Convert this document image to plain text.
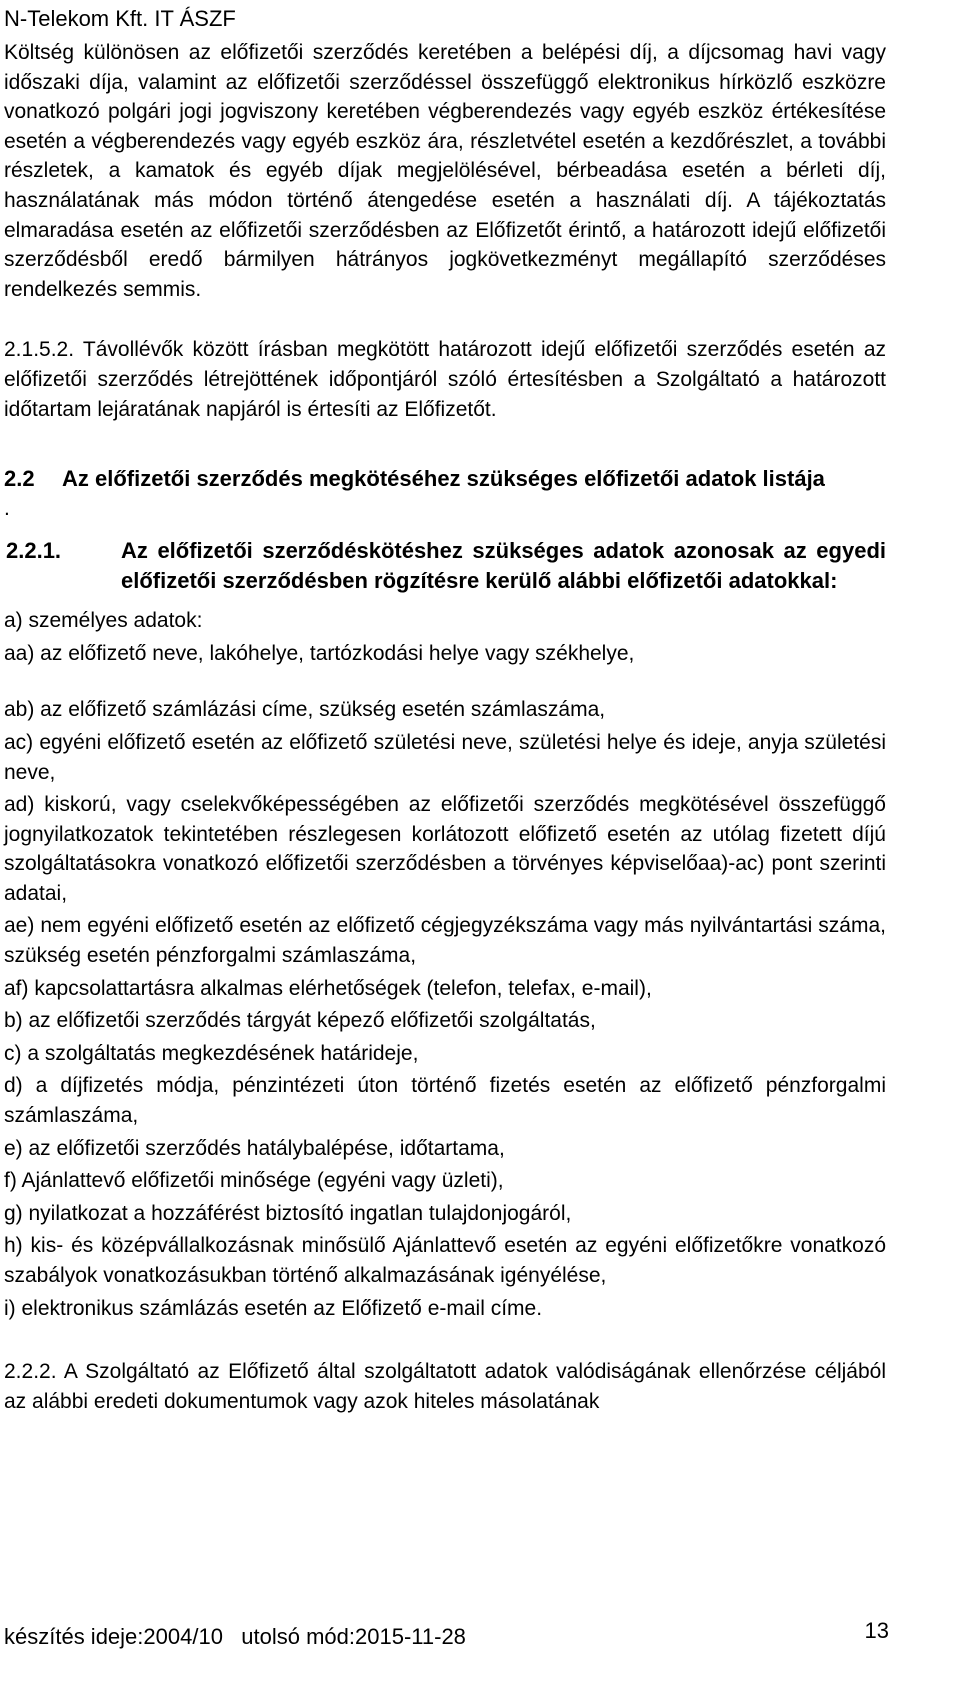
N-Telekom Kft. IT ÁSZF

Költség különösen az előfizetői szerződés keretében a belépési díj, a díjcsomag havi vagy időszaki díja, valamint az előfizetői szerződéssel összefüggő elektronikus hírközlő eszközre vonatkozó polgári jogi jogviszony keretében végberendezés vagy egyéb eszköz értékesítése esetén a végberendezés vagy egyéb eszköz ára, részletvétel esetén a kezdőrészlet, a további részletek, a kamatok és egyéb díjak megjelölésével, bérbeadása esetén a bérleti díj, használatának más módon történő átengedése esetén a használati díj. A tájékoztatás elmaradása esetén az előfizetői szerződésben az Előfizetőt érintő, a határozott idejű előfizetői szerződésből eredő bármilyen hátrányos jogkövetkezményt megállapító szerződéses rendelkezés semmis.

2.1.5.2. Távollévők között írásban megkötött határozott idejű előfizetői szerződés esetén az előfizetői szerződés létrejöttének időpontjáról szóló értesítésben a Szolgáltató a határozott időtartam lejáratának napjáról is értesíti az Előfizetőt.

2.2	Az előfizetői szerződés megkötéséhez szükséges előfizetői adatok listája
.
2.2.1.	Az előfizetői szerződéskötéshez szükséges adatok azonosak az egyedi előfizetői szerződésben rögzítésre kerülő alábbi előfizetői adatokkal:

a) személyes adatok:

aa) az előfizető neve, lakóhelye, tartózkodási helye vagy székhelye,

ab) az előfizető számlázási címe, szükség esetén számlaszáma,

ac) egyéni előfizető esetén az előfizető születési neve, születési helye és ideje, anyja születési neve,

ad) kiskorú, vagy cselekvőképességében az előfizetői szerződés megkötésével összefüggő jognyilatkozatok tekintetében részlegesen korlátozott előfizető esetén az utólag fizetett díjú szolgáltatásokra vonatkozó előfizetői szerződésben a törvényes képviselőaa)-ac) pont szerinti adatai,

ae) nem egyéni előfizető esetén az előfizető cégjegyzékszáma vagy más nyilvántartási száma, szükség esetén pénzforgalmi számlaszáma,

af) kapcsolattartásra alkalmas elérhetőségek (telefon, telefax, e-mail),

b) az előfizetői szerződés tárgyát képező előfizetői szolgáltatás,

c) a szolgáltatás megkezdésének határideje,

d) a díjfizetés módja, pénzintézeti úton történő fizetés esetén az előfizető pénzforgalmi számlaszáma,

e) az előfizetői szerződés hatálybalépése, időtartama,

f) Ajánlattevő előfizetői minősége (egyéni vagy üzleti),

g) nyilatkozat a hozzáférést biztosító ingatlan tulajdonjogáról,

h) kis- és középvállalkozásnak minősülő Ajánlattevő esetén az egyéni előfizetőkre vonatkozó szabályok vonatkozásukban történő alkalmazásának igényélése,

i) elektronikus számlázás esetén az Előfizető e-mail címe.

2.2.2. A Szolgáltató az Előfizető által szolgáltatott adatok valódiságának ellenőrzése céljából az alábbi eredeti dokumentumok vagy azok hiteles másolatának

készítés ideje:2004/10 utolsó mód:2015-11-28	13
